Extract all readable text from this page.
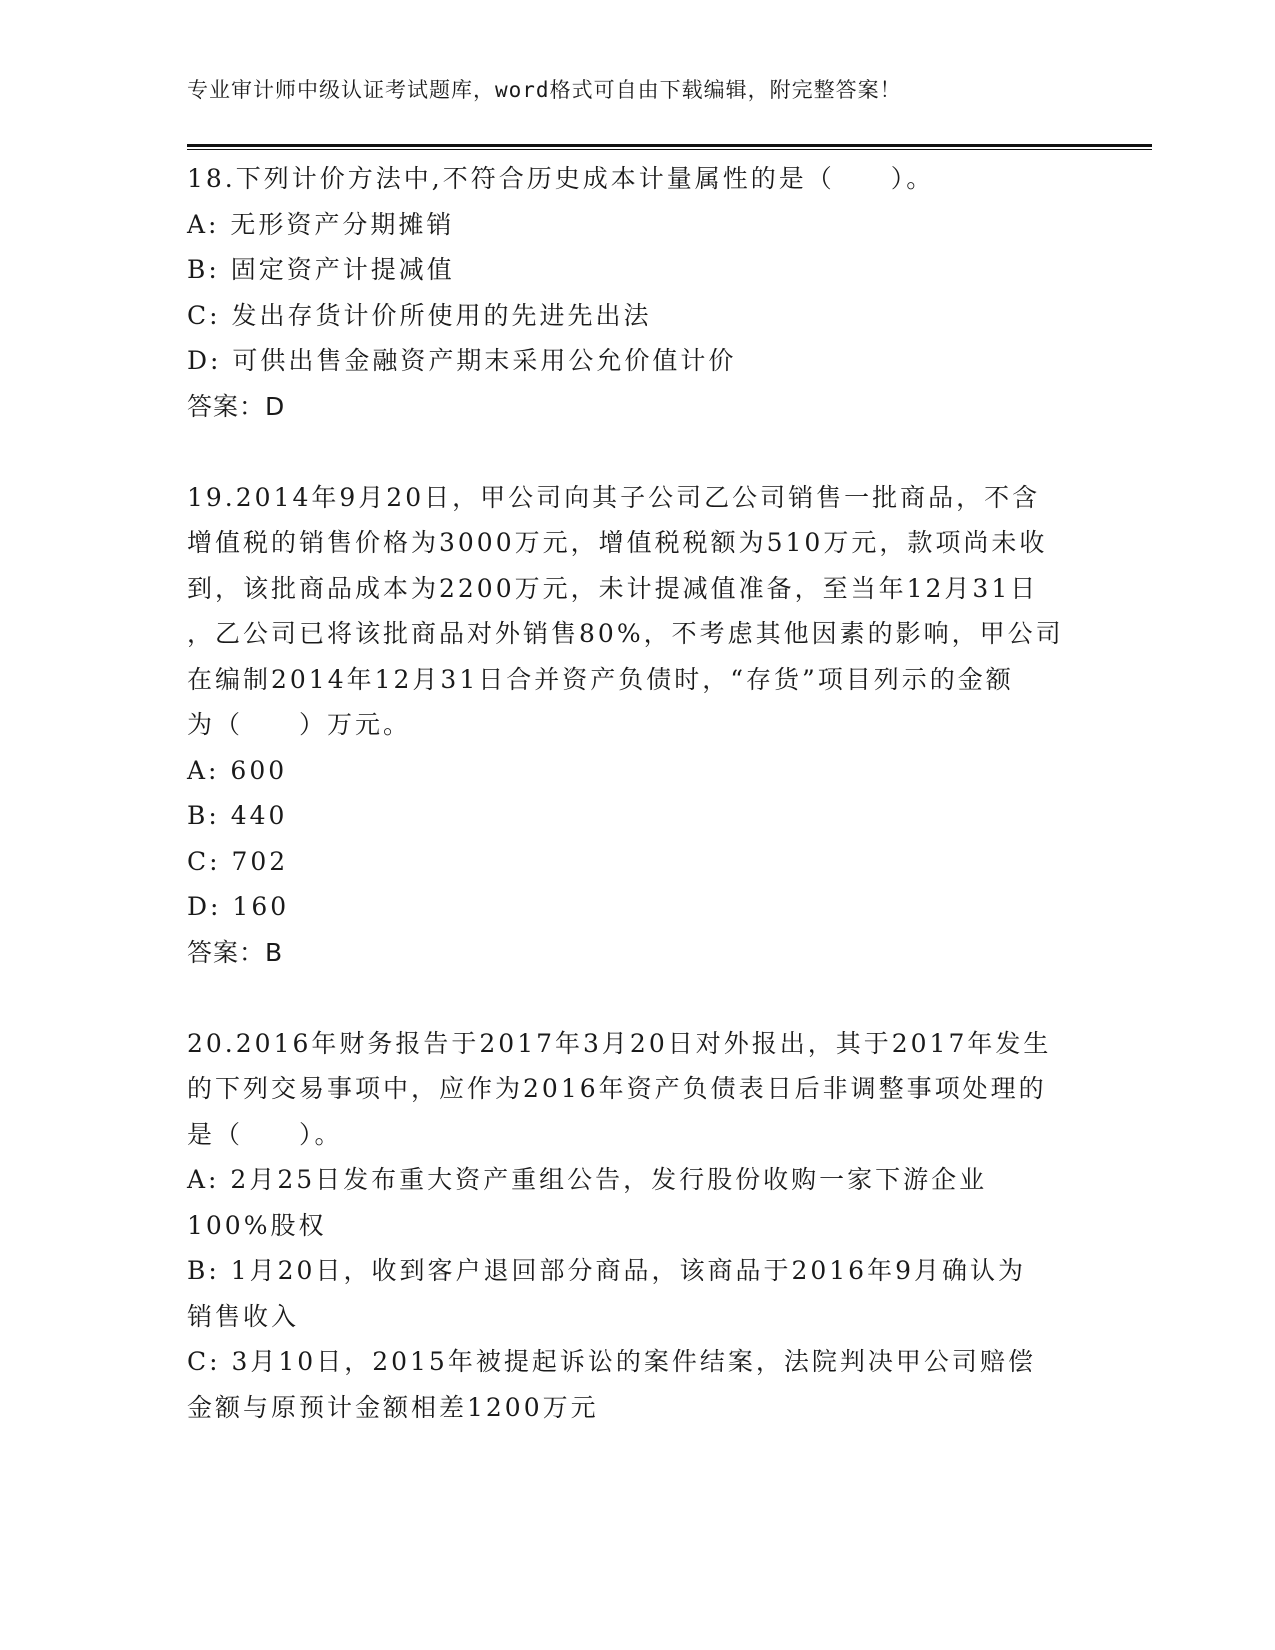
专业审计师中级认证考试题库，word格式可自由下载编辑，附完整答案！
18.下列计价方法中,不符合历史成本计量属性的是（　　）。
A: 无形资产分期摊销
B: 固定资产计提减值
C: 发出存货计价所使用的先进先出法
D: 可供出售金融资产期末采用公允价值计价
答案：D
19.2014年9月20日，甲公司向其子公司乙公司销售一批商品，不含
增值税的销售价格为3000万元，增值税税额为510万元，款项尚未收
到，该批商品成本为2200万元，未计提减值准备，至当年12月31日
，乙公司已将该批商品对外销售80%，不考虑其他因素的影响，甲公司
在编制2014年12月31日合并资产负债时，“存货”项目列示的金额
为（　　）万元。
A: 600
B: 440
C: 702
D: 160
答案：B
20.2016年财务报告于2017年3月20日对外报出，其于2017年发生
的下列交易事项中，应作为2016年资产负债表日后非调整事项处理的
是（　　）。
A: 2月25日发布重大资产重组公告，发行股份收购一家下游企业
100%股权
B: 1月20日，收到客户退回部分商品，该商品于2016年9月确认为
销售收入
C: 3月10日，2015年被提起诉讼的案件结案，法院判决甲公司赔偿
金额与原预计金额相差1200万元
